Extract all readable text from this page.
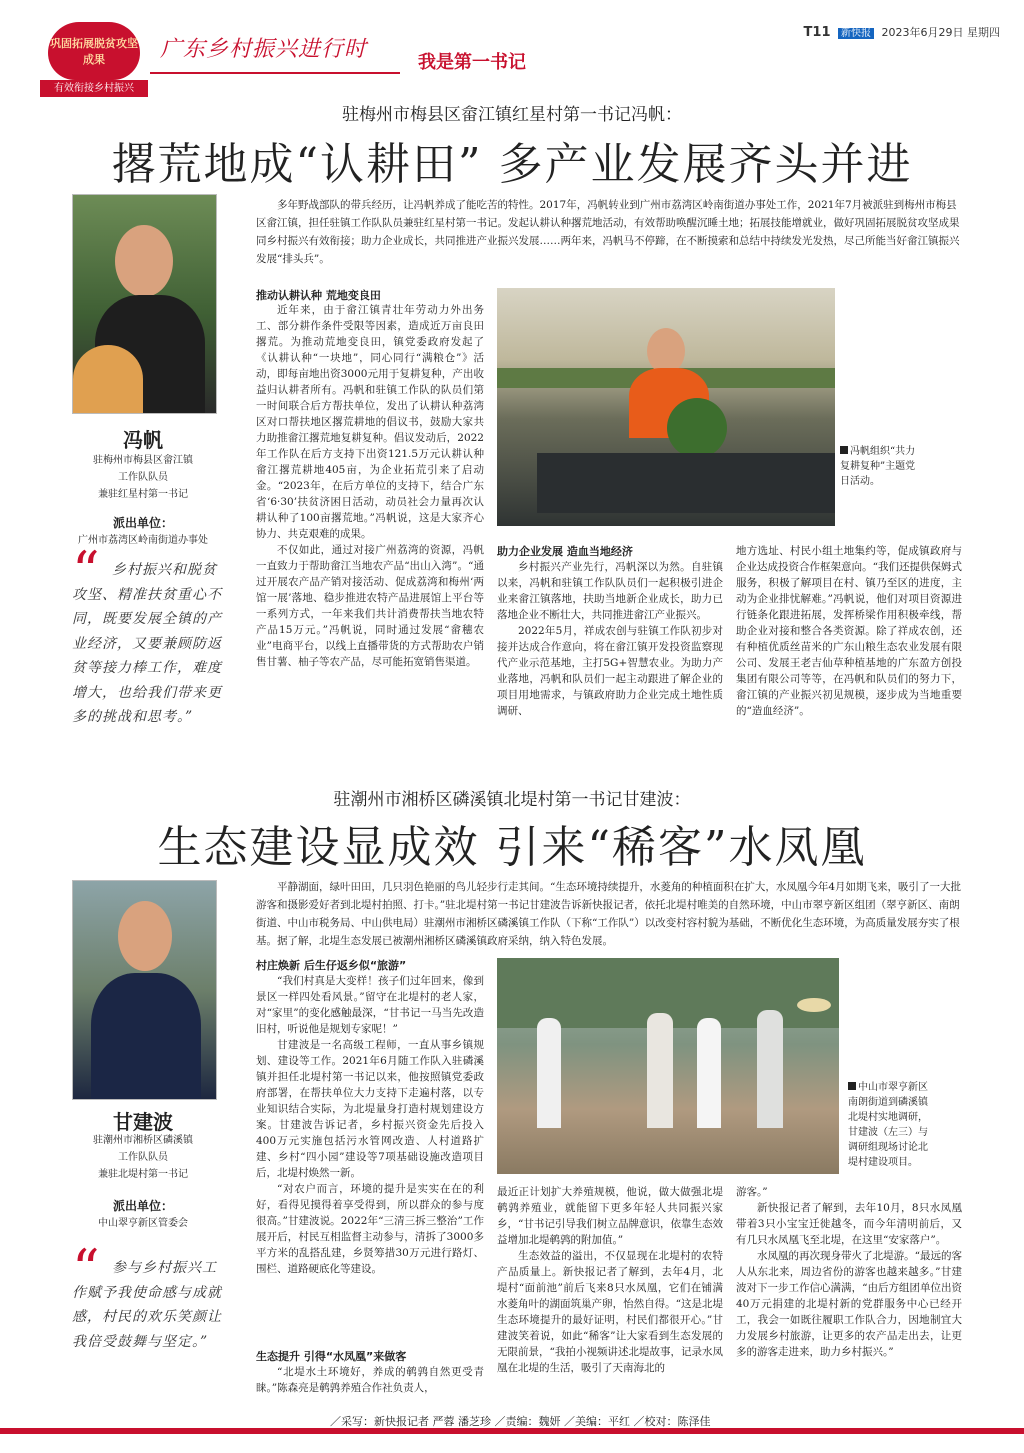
巩固拓展脱贫攻坚成果
有效衔接乡村振兴
广东乡村振兴进行时
我是第一书记
T11 新快报 2023年6月29日 星期四
驻梅州市梅县区畲江镇红星村第一书记冯帆：
撂荒地成“认耕田” 多产业发展齐头并进
冯帆
驻梅州市梅县区畲江镇
工作队队员
兼驻红星村第一书记
派出单位：
广州市荔湾区岭南街道办事处
“ 乡村振兴和脱贫攻坚、精准扶贫重心不同，既要发展全镇的产业经济，又要兼顾防返贫等接力棒工作，难度增大，也给我们带来更多的挑战和思考。”
多年野战部队的带兵经历，让冯帆养成了能吃苦的特性。2017年，冯帆转业到广州市荔湾区岭南街道办事处工作，2021年7月被派驻到梅州市梅县区畲江镇，担任驻镇工作队队员兼驻红星村第一书记。发起认耕认种撂荒地活动，有效帮助唤醒沉睡土地；拓展技能增就业，做好巩固拓展脱贫攻坚成果同乡村振兴有效衔接；助力企业成长，共同推进产业振兴发展……两年来，冯帆马不停蹄，在不断摸索和总结中持续发光发热，尽己所能当好畲江镇振兴发展“排头兵”。
推动认耕认种 荒地变良田

近年来，由于畲江镇青壮年劳动力外出务工、部分耕作条件受限等因素，造成近万亩良田撂荒。为推动荒地变良田，镇党委政府发起了《认耕认种“一块地”，同心同行“满粮仓”》活动，即每亩地出资3000元用于复耕复种，产出收益归认耕者所有。冯帆和驻镇工作队的队员们第一时间联合后方帮扶单位，发出了认耕认种荔湾区对口帮扶地区撂荒耕地的倡议书，鼓励大家共力助推畲江撂荒地复耕复种。倡议发动后，2022年工作队在后方支持下出资121.5万元认耕认种畲江撂荒耕地405亩，为企业拓荒引来了启动金。“2023年，在后方单位的支持下，结合广东省‘6·30’扶贫济困日活动，动员社会力量再次认耕认种了100亩撂荒地。”冯帆说，这是大家齐心协力、共克艰难的成果。

不仅如此，通过对接广州荔湾的资源，冯帆一直致力于帮助畲江当地农产品“出山入湾”。“通过开展农产品产销对接活动、促成荔湾和梅州‘两馆一展’落地、稳步推进农特产品进展馆上平台等一系列方式，一年来我们共计消费帮扶当地农特产品15万元。”冯帆说，同时通过发展“畲穗农业”电商平台，以线上直播带货的方式帮助农户销售甘薯、柚子等农产品，尽可能拓宽销售渠道。

冯帆组织“共力复耕复种”主题党日活动。
助力企业发展 造血当地经济

乡村振兴产业先行，冯帆深以为然。自驻镇以来，冯帆和驻镇工作队队员们一起积极引进企业来畲江镇落地，扶助当地新企业成长，助力已落地企业不断壮大，共同推进畲江产业振兴。

2022年5月，祥成农创与驻镇工作队初步对接并达成合作意向，将在畲江镇开发投资监察现代产业示范基地，主打5G+智慧农业。为助力产业落地，冯帆和队员们一起主动跟进了解企业的项目用地需求，与镇政府助力企业完成土地性质调研、

地方选址、村民小组土地集约等，促成镇政府与企业达成投资合作框架意向。“我们还提供保姆式服务，积极了解项目在村、镇乃至区的进度，主动为企业排忧解难。”冯帆说，他们对项目资源进行链条化跟进拓展，发挥桥梁作用积极牵线，帮助企业对接和整合各类资源。除了祥成农创，还有种植优质丝苗米的广东山粮生态农业发展有限公司、发展王老吉仙草种植基地的广东盈方创投集团有限公司等等，在冯帆和队员们的努力下，畲江镇的产业振兴初见规模，逐步成为当地重要的“造血经济”。

驻潮州市湘桥区磷溪镇北堤村第一书记甘建波：
生态建设显成效 引来“稀客”水凤凰
甘建波
驻潮州市湘桥区磷溪镇
工作队队员
兼驻北堤村第一书记
派出单位：
中山翠亨新区管委会
“ 参与乡村振兴工作赋予我使命感与成就感，村民的欢乐笑颜让我倍受鼓舞与坚定。”
平静湖面，绿叶田田，几只羽色艳丽的鸟儿轻步行走其间。“生态环境持续提升，水菱角的种植面积在扩大，水凤凰今年4月如期飞来，吸引了一大批游客和摄影爱好者到北堤村拍照、打卡。”驻北堤村第一书记甘建波告诉新快报记者，依托北堤村唯美的自然环境，中山市翠亨新区组团（翠亨新区、南朗街道、中山市税务局、中山供电局）驻潮州市湘桥区磷溪镇工作队（下称“工作队”）以改变村容村貌为基础，不断优化生态环境，为高质量发展夯实了根基。据了解，北堤生态发展已被潮州湘桥区磷溪镇政府采纳，纳入特色发展。
村庄焕新 后生仔返乡似“旅游”

“我们村真是大变样！孩子们过年回来，像到景区一样四处看风景。”留守在北堤村的老人家，对“家里”的变化感触最深，“甘书记一马当先改造旧村，听说他是规划专家呢！”

甘建波是一名高级工程师，一直从事乡镇规划、建设等工作。2021年6月随工作队入驻磷溪镇并担任北堤村第一书记以来，他按照镇党委政府部署，在帮扶单位大力支持下走遍村落，以专业知识结合实际，为北堤量身打造村规划建设方案。甘建波告诉记者，乡村振兴资金先后投入400万元实施包括污水管网改造、人村道路扩建、乡村“四小园”建设等7项基础设施改造项目后，北堤村焕然一新。

“对农户而言，环境的提升是实实在在的利好，看得见摸得着享受得到，所以群众的参与度很高。”甘建波说。2022年“三清三拆三整治”工作展开后，村民互相监督主动参与，清拆了3000多平方米的乱搭乱建，乡贤筹措30万元进行路灯、围栏、道路硬底化等建设。

生态提升 引得“水凤凰”来做客

“北堤水土环境好，养成的鹌鹑自然更受青睐。”陈森亮是鹌鹑养殖合作社负责人，

中山市翠亨新区南朗街道到磷溪镇北堤村实地调研，甘建波（左三）与调研组现场讨论北堤村建设项目。

最近正计划扩大养殖规模，他说，做大做强北堤鹌鹑养殖业，就能留下更多年轻人共同振兴家乡，“甘书记引导我们树立品牌意识，依靠生态效益增加北堤鹌鹑的附加值。”

生态效益的溢出，不仅显现在北堤村的农特产品质量上。新快报记者了解到，去年4月，北堤村“面前池”前后飞来8只水凤凰，它们在铺满水菱角叶的湖面筑巢产卵，怡然自得。“这是北堤生态环境提升的最好证明，村民们都很开心。”甘建波笑着说，如此“稀客”让大家看到生态发展的无限前景，“我拍小视频讲述北堤故事，记录水凤凰在北堤的生活，吸引了天南海北的

游客。”

新快报记者了解到，去年10月，8只水凤凰带着3只小宝宝迁徙越冬，而今年清明前后，又有几只水凤凰飞至北堤，在这里“安家落户”。

水凤凰的再次现身带火了北堤游。“最远的客人从东北来，周边省份的游客也越来越多。”甘建波对下一步工作信心满满，“由后方组团单位出资40万元捐建的北堤村新的党群服务中心已经开工，我会一如既往履职工作队合力，因地制宜大力发展乡村旅游，让更多的农产品走出去，让更多的游客走进来，助力乡村振兴。”

／采写：新快报记者 严蓉 潘芝珍 ／责编：魏妍 ／美编：平红 ／校对：陈泽佳
